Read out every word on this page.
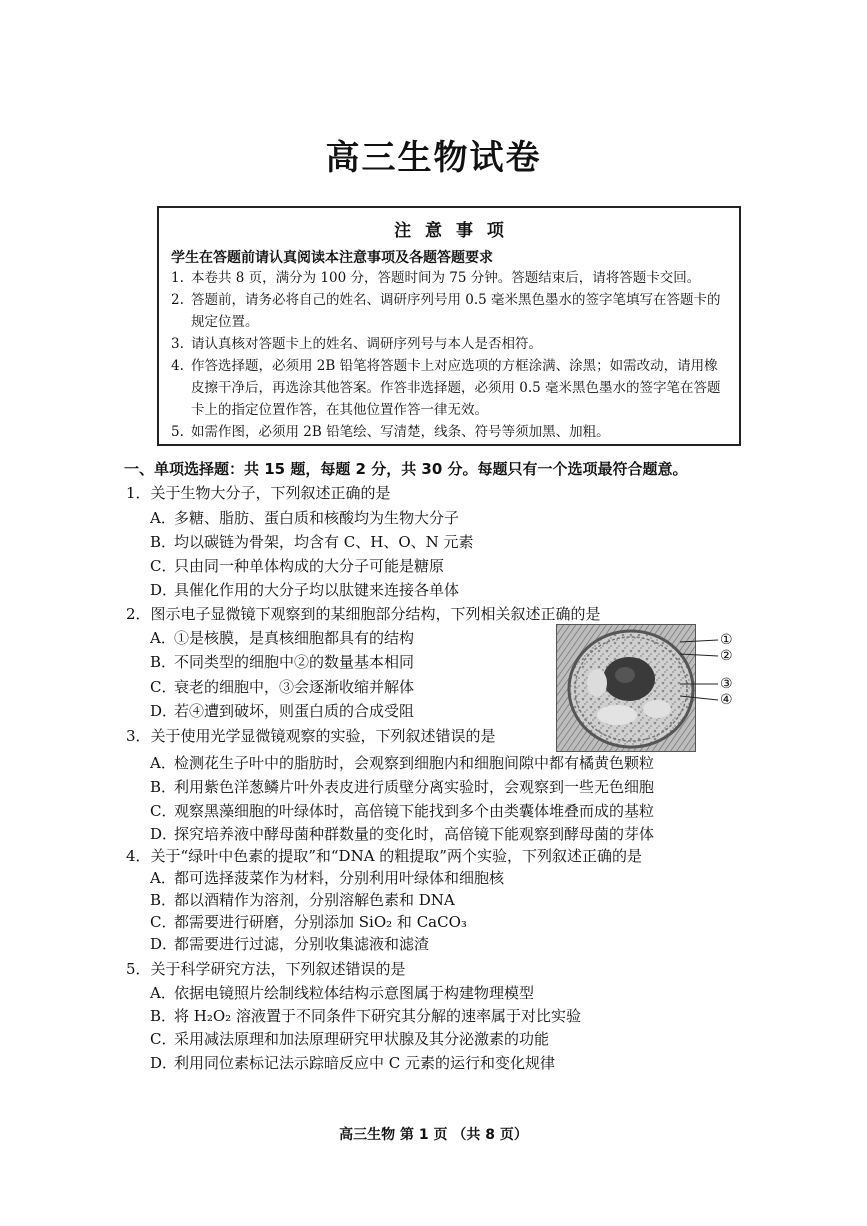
高三生物试卷
注 意 事 项
学生在答题前请认真阅读本注意事项及各题答题要求
1. 本卷共 8 页，满分为 100 分，答题时间为 75 分钟。答题结束后，请将答题卡交回。
2. 答题前，请务必将自己的姓名、调研序列号用 0.5 毫米黑色墨水的签字笔填写在答题卡的规定位置。
3. 请认真核对答题卡上的姓名、调研序列号与本人是否相符。
4. 作答选择题，必须用 2B 铅笔将答题卡上对应选项的方框涂满、涂黑；如需改动，请用橡皮擦干净后，再选涂其他答案。作答非选择题，必须用 0.5 毫米黑色墨水的签字笔在答题卡上的指定位置作答，在其他位置作答一律无效。
5. 如需作图，必须用 2B 铅笔绘、写清楚，线条、符号等须加黑、加粗。
一、单项选择题：共 15 题，每题 2 分，共 30 分。每题只有一个选项最符合题意。
1．关于生物大分子，下列叙述正确的是
A．多糖、脂肪、蛋白质和核酸均为生物大分子
B．均以碳链为骨架，均含有 C、H、O、N 元素
C．只由同一种单体构成的大分子可能是糖原
D．具催化作用的大分子均以肽键来连接各单体
2．图示电子显微镜下观察到的某细胞部分结构，下列相关叙述正确的是
A．①是核膜，是真核细胞都具有的结构
B．不同类型的细胞中②的数量基本相同
C．衰老的细胞中，③会逐渐收缩并解体
D．若④遭到破坏，则蛋白质的合成受阻
①
②
③
④
3．关于使用光学显微镜观察的实验，下列叙述错误的是
A．检测花生子叶中的脂肪时，会观察到细胞内和细胞间隙中都有橘黄色颗粒
B．利用紫色洋葱鳞片叶外表皮进行质壁分离实验时，会观察到一些无色细胞
C．观察黑藻细胞的叶绿体时，高倍镜下能找到多个由类囊体堆叠而成的基粒
D．探究培养液中酵母菌种群数量的变化时，高倍镜下能观察到酵母菌的芽体
4．关于“绿叶中色素的提取”和“DNA 的粗提取”两个实验，下列叙述正确的是
A．都可选择菠菜作为材料，分别利用叶绿体和细胞核
B．都以酒精作为溶剂，分别溶解色素和 DNA
C．都需要进行研磨，分别添加 SiO₂ 和 CaCO₃
D．都需要进行过滤，分别收集滤液和滤渣
5．关于科学研究方法，下列叙述错误的是
A．依据电镜照片绘制线粒体结构示意图属于构建物理模型
B．将 H₂O₂ 溶液置于不同条件下研究其分解的速率属于对比实验
C．采用减法原理和加法原理研究甲状腺及其分泌激素的功能
D．利用同位素标记法示踪暗反应中 C 元素的运行和变化规律
高三生物 第 1 页 （共 8 页）
